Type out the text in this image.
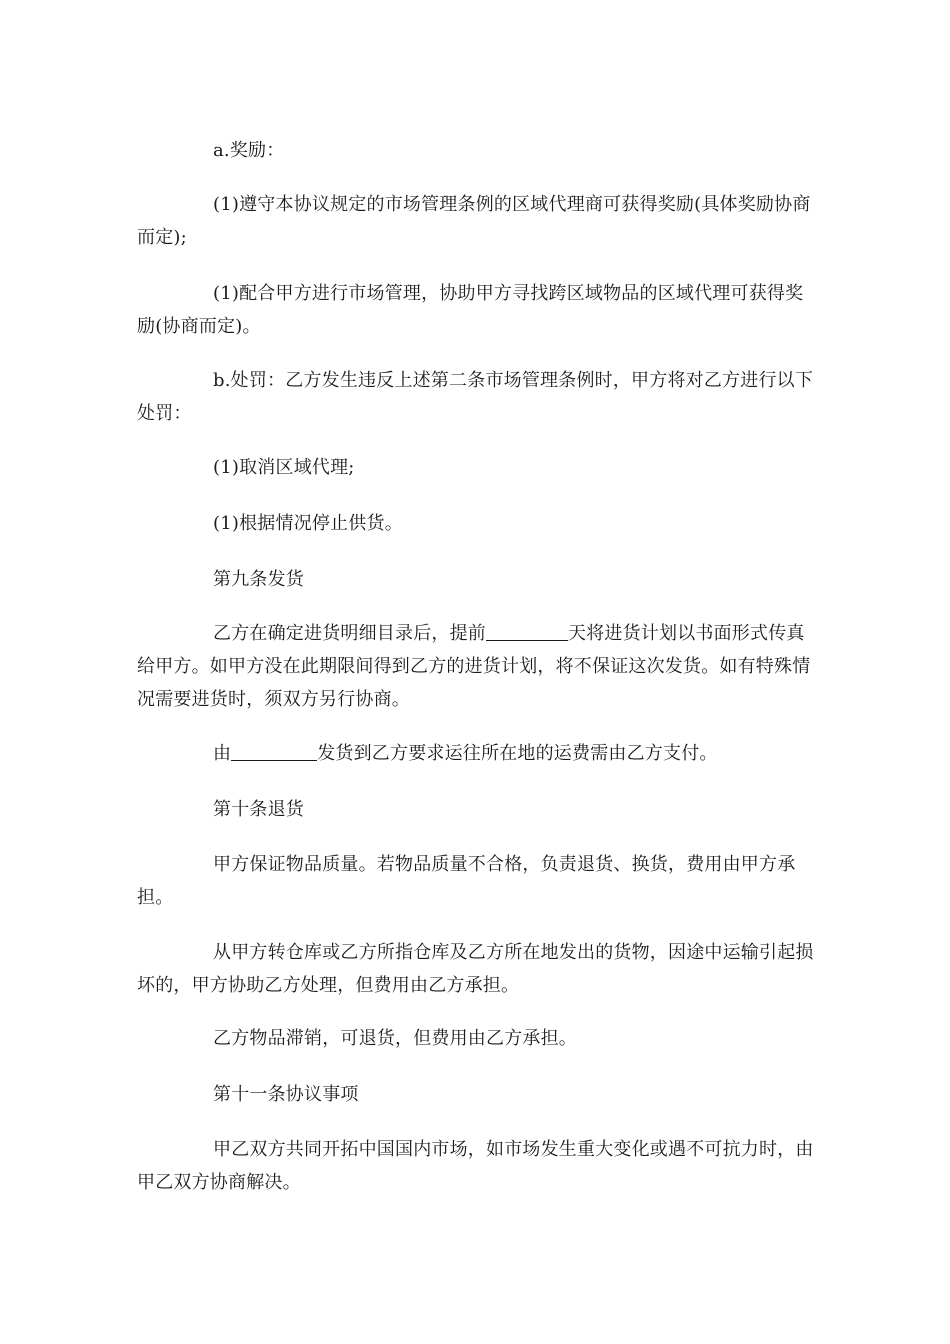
a.奖励：

(1)遵守本协议规定的市场管理条例的区域代理商可获得奖励(具体奖励协商而定);

(1)配合甲方进行市场管理，协助甲方寻找跨区域物品的区域代理可获得奖励(协商而定)。

b.处罚：乙方发生违反上述第二条市场管理条例时，甲方将对乙方进行以下处罚：

(1)取消区域代理;

(1)根据情况停止供货。

第九条发货

乙方在确定进货明细目录后，提前	天将进货计划以书面形式传真给甲方。如甲方没在此期限间得到乙方的进货计划，将不保证这次发货。如有特殊情况需要进货时，须双方另行协商。

由	发货到乙方要求运往所在地的运费需由乙方支付。

第十条退货

甲方保证物品质量。若物品质量不合格，负责退货、换货，费用由甲方承担。

从甲方转仓库或乙方所指仓库及乙方所在地发出的货物，因途中运输引起损坏的，甲方协助乙方处理，但费用由乙方承担。

乙方物品滞销，可退货，但费用由乙方承担。

第十一条协议事项

甲乙双方共同开拓中国国内市场，如市场发生重大变化或遇不可抗力时，由甲乙双方协商解决。
